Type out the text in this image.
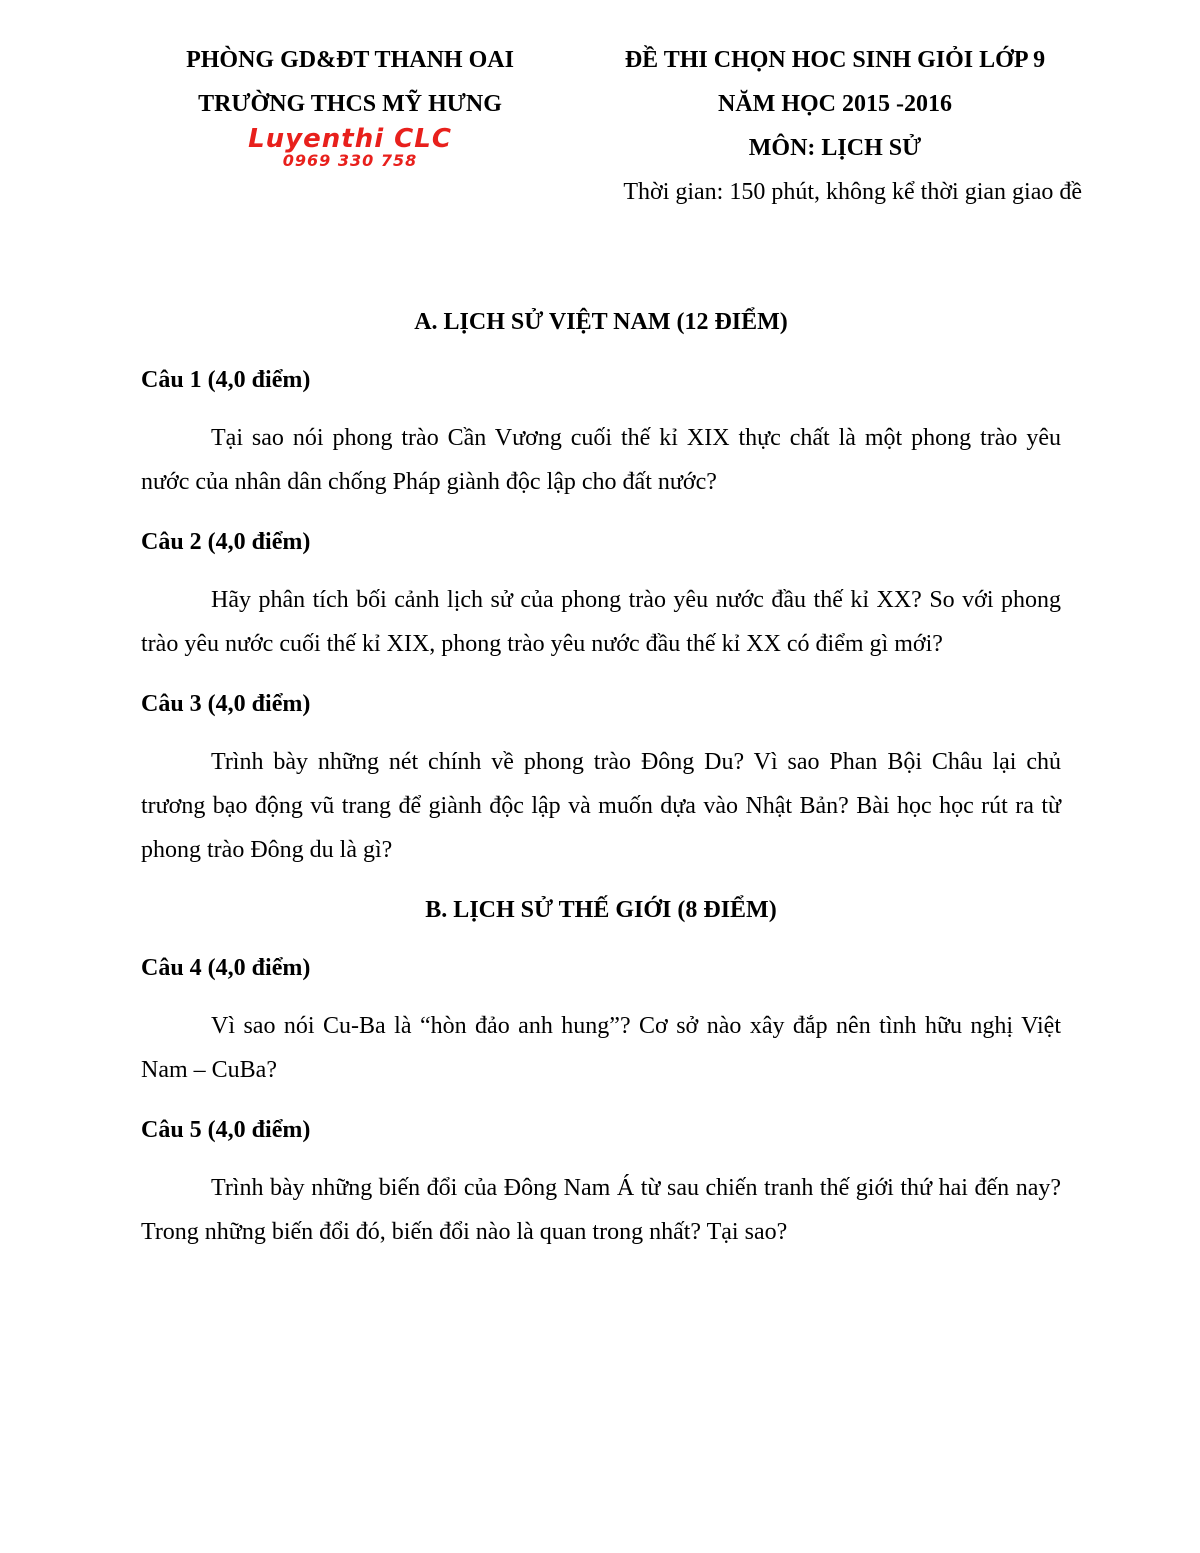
PHÒNG GD&ĐT THANH OAI
TRƯỜNG THCS MỸ HƯNG
Luyenthi CLC
0969 330 758
ĐỀ THI CHỌN HOC SINH GIỎI LỚP 9
NĂM HỌC 2015 -2016
MÔN: LỊCH SỬ
Thời gian: 150 phút, không kể thời gian giao đề
A. LỊCH SỬ VIỆT NAM (12 ĐIỂM)
Câu 1 (4,0 điểm)
Tại sao nói phong trào Cần Vương cuối thế kỉ XIX thực chất là một phong trào yêu nước của nhân dân chống Pháp giành độc lập cho đất nước?
Câu 2 (4,0 điểm)
Hãy phân tích bối cảnh lịch sử của phong trào yêu nước đầu thế kỉ XX? So với phong trào yêu nước cuối thế kỉ XIX, phong trào yêu nước đầu thế kỉ XX có điểm gì mới?
Câu 3 (4,0 điểm)
Trình bày những nét chính về phong trào Đông Du? Vì sao Phan Bội Châu lại chủ trương bạo động vũ trang để giành độc lập và muốn dựa vào Nhật Bản? Bài học học rút ra từ phong trào Đông du là gì?
B. LỊCH SỬ THẾ GIỚI (8 ĐIỂM)
Câu 4 (4,0 điểm)
Vì sao nói Cu-Ba là “hòn đảo anh hung”? Cơ sở nào xây đắp nên tình hữu nghị Việt Nam – CuBa?
Câu 5 (4,0 điểm)
Trình bày những biến đổi của Đông Nam Á từ sau chiến tranh thế giới thứ hai đến nay? Trong những biến đổi đó, biến đổi nào là quan trong nhất? Tại sao?
